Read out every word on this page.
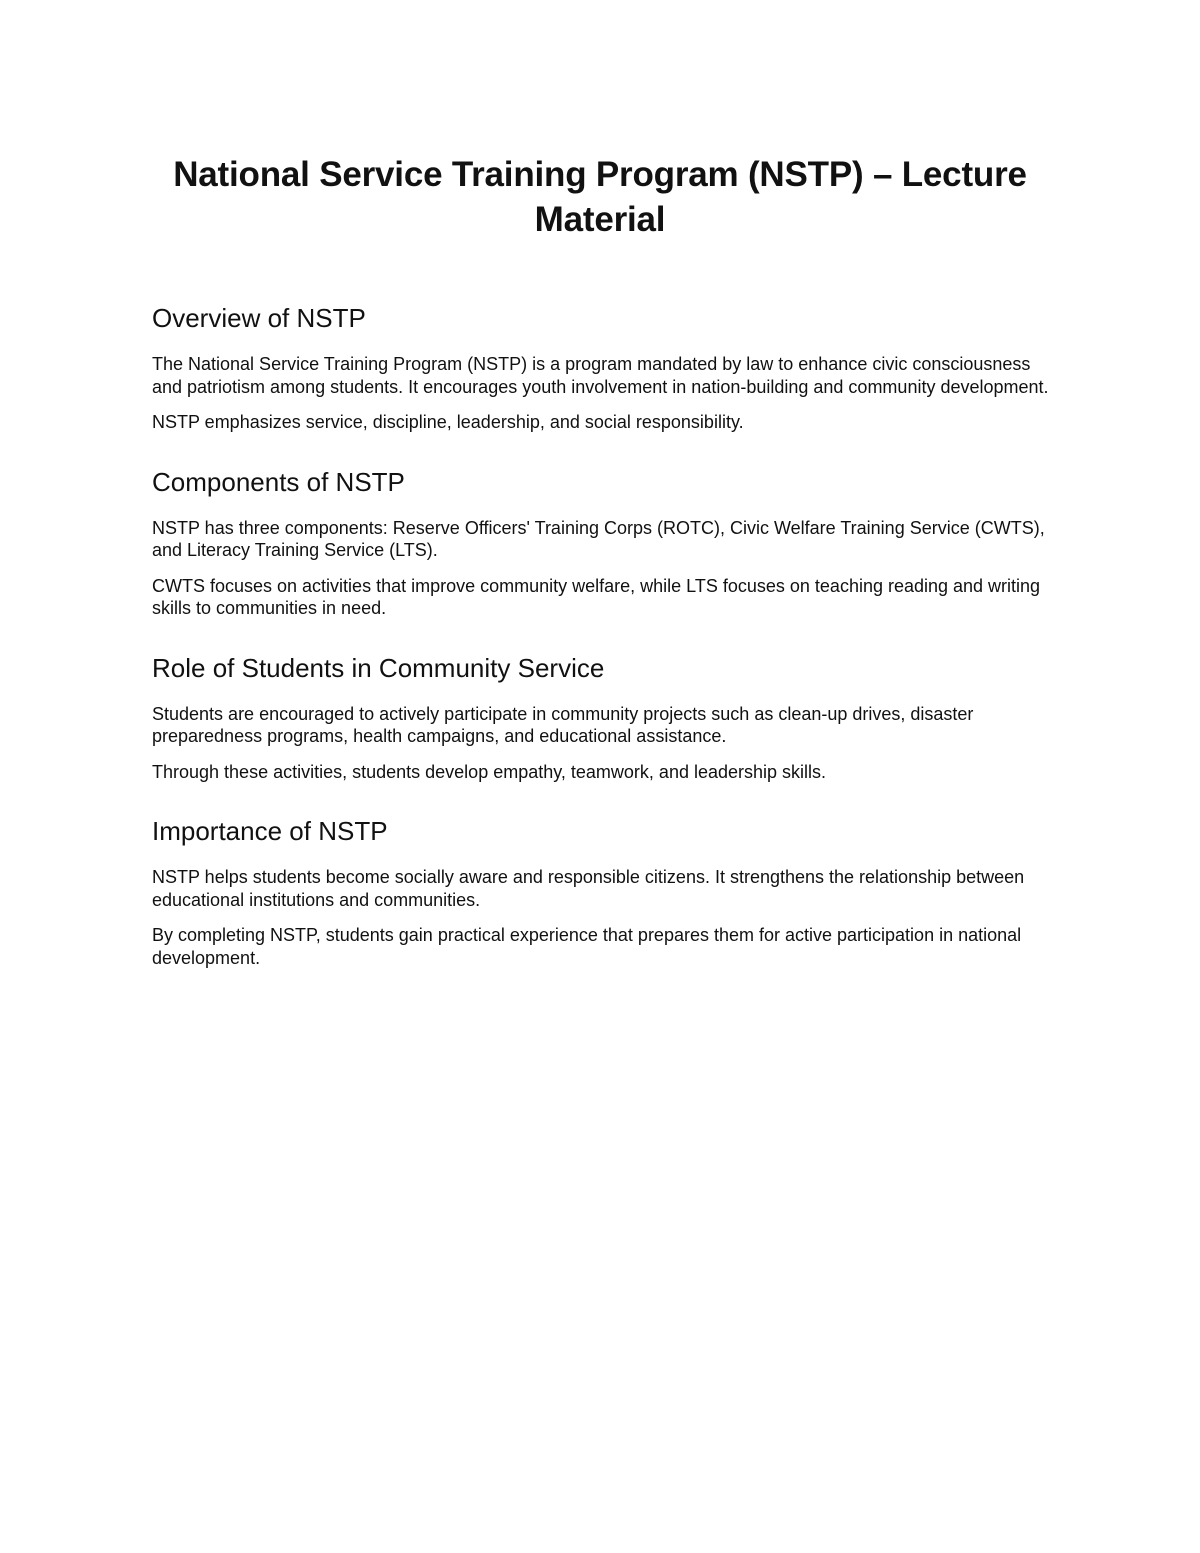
National Service Training Program (NSTP) – Lecture Material
Overview of NSTP

The National Service Training Program (NSTP) is a program mandated by law to enhance civic consciousness and patriotism among students. It encourages youth involvement in nation-building and community development.

NSTP emphasizes service, discipline, leadership, and social responsibility.

Components of NSTP

NSTP has three components: Reserve Officers' Training Corps (ROTC), Civic Welfare Training Service (CWTS), and Literacy Training Service (LTS).

CWTS focuses on activities that improve community welfare, while LTS focuses on teaching reading and writing skills to communities in need.

Role of Students in Community Service

Students are encouraged to actively participate in community projects such as clean-up drives, disaster preparedness programs, health campaigns, and educational assistance.

Through these activities, students develop empathy, teamwork, and leadership skills.

Importance of NSTP

NSTP helps students become socially aware and responsible citizens. It strengthens the relationship between educational institutions and communities.

By completing NSTP, students gain practical experience that prepares them for active participation in national development.
